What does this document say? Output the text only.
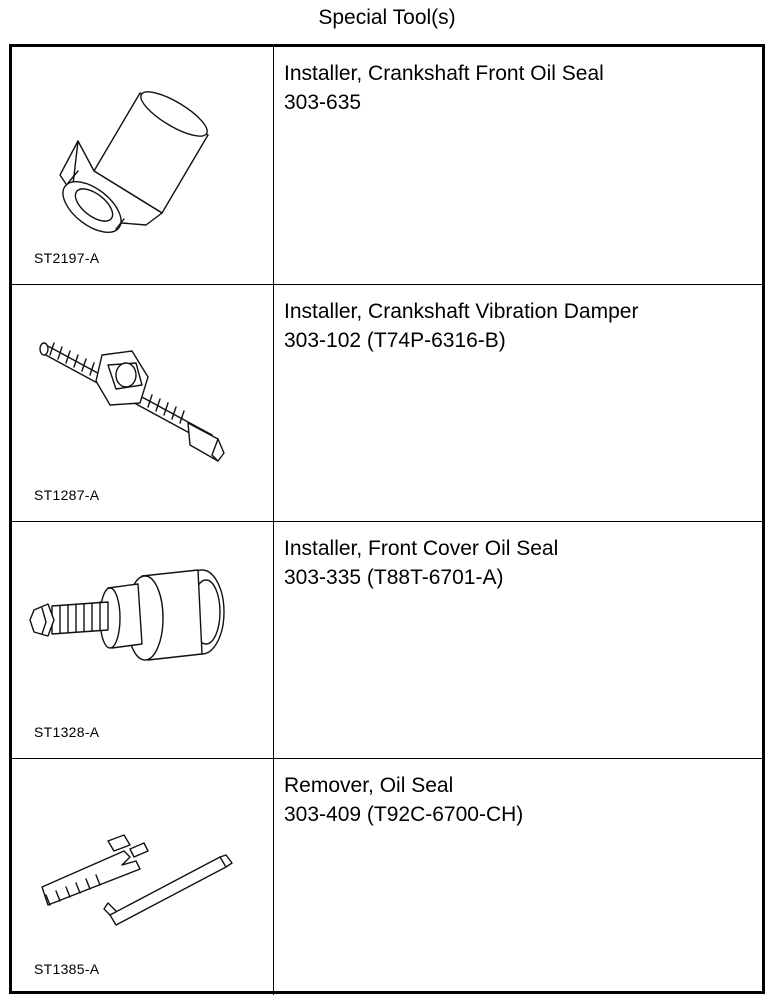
Special Tool(s)
ST2197-A
Installer, Crankshaft Front Oil Seal
303-635
ST1287-A
Installer, Crankshaft Vibration Damper
303-102 (T74P-6316-B)
ST1328-A
Installer, Front Cover Oil Seal
303-335 (T88T-6701-A)
ST1385-A
Remover, Oil Seal
303-409 (T92C-6700-CH)
